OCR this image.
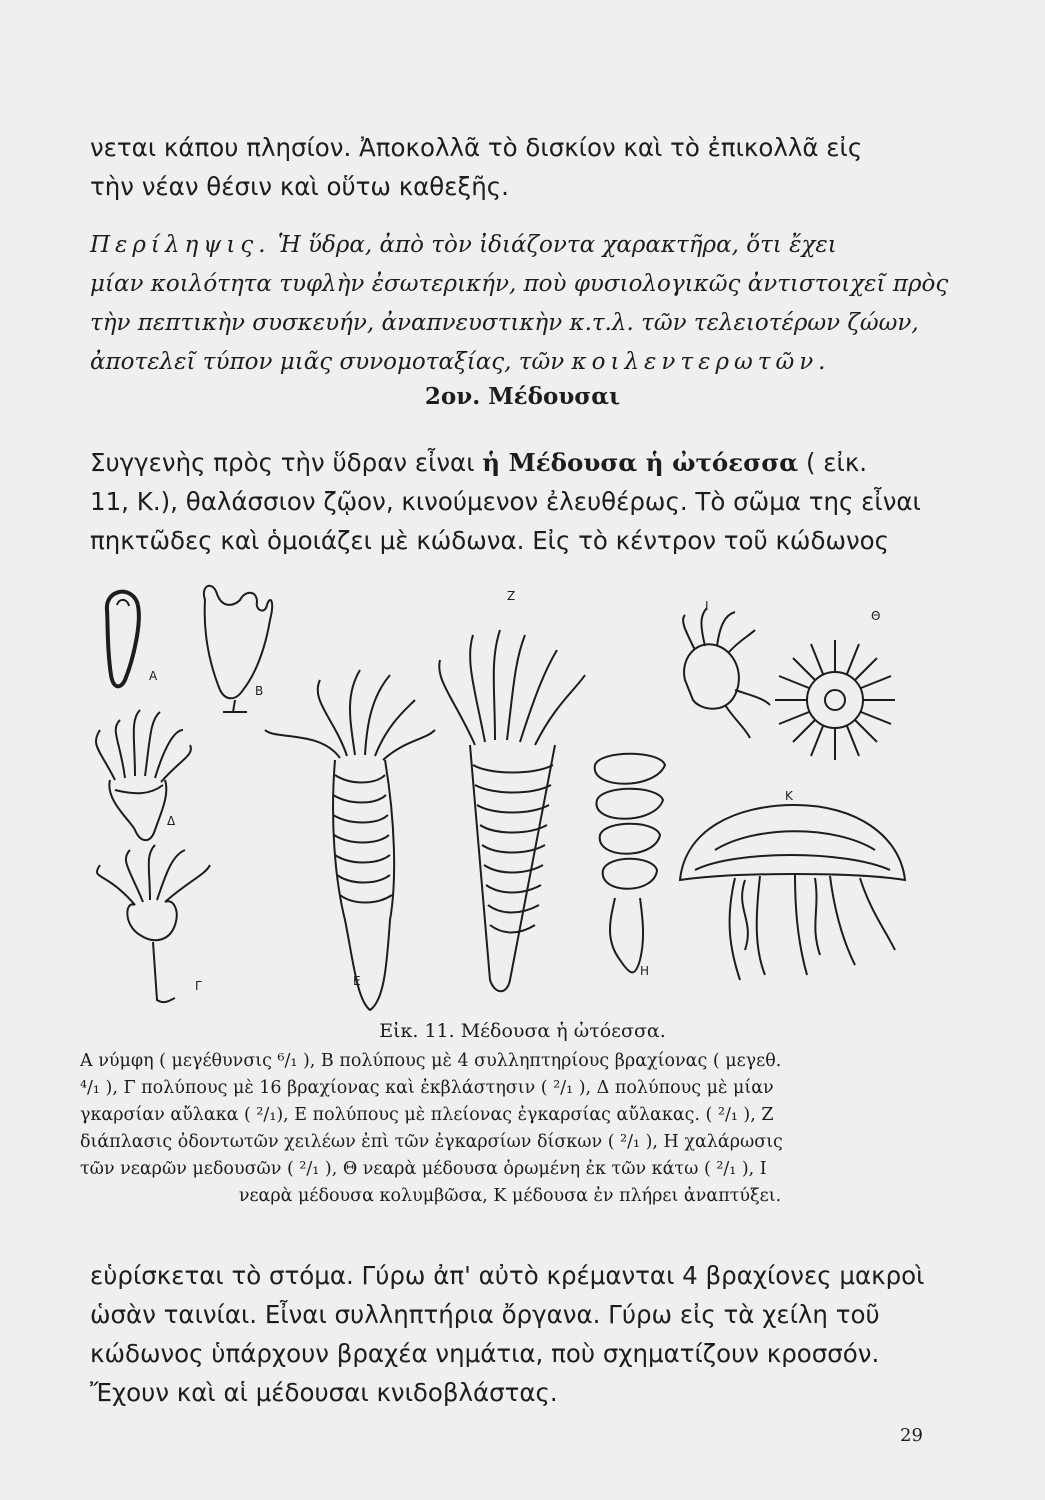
νεται κάπου πλησίον. Ἀποκολλᾶ τὸ δισκίον καὶ τὸ ἐπικολλᾶ εἰς
τὴν νέαν θέσιν καὶ οὕτω καθεξῆς.

Περίληψις. Ἡ ὕδρα, ἀπὸ τὸν ἰδιάζοντα χαρακτῆρα, ὅτι ἔχει
μίαν κοιλότητα τυφλὴν ἐσωτερικήν, ποὺ φυσιολογικῶς ἀντιστοιχεῖ πρὸς
τὴν πεπτικὴν συσκευήν, ἀναπνευστικὴν κ.τ.λ. τῶν τελειοτέρων ζώων,
ἀποτελεῖ τύπον μιᾶς συνομοταξίας, τῶν κοιλεντερωτῶν.

2ον. Μέδουσαι

Συγγενὴς πρὸς τὴν ὕδραν εἶναι ἡ Μέδουσα ἡ ὠτόεσσα ( εἰκ.
11, Κ.), θαλάσσιον ζῷον, κινούμενον ἐλευθέρως. Τὸ σῶμα της εἶναι
πηκτῶδες καὶ ὁμοιάζει μὲ κώδωνα. Εἰς τὸ κέντρον τοῦ κώδωνος

Α
Β
Δ
Γ	Ε
Ζ
Η
Ι
Θ
Κ

Εἰκ. 11. Μέδουσα ἡ ὠτόεσσα.

Α νύμφη ( μεγέθυνσις ⁶/₁ ), Β πολύπους μὲ 4 συλληπτηρίους βραχίονας ( μεγεθ.
⁴/₁ ), Γ πολύπους μὲ 16 βραχίονας καὶ ἐκβλάστησιν ( ²/₁ ), Δ πολύπους μὲ μίαν
γκαρσίαν αὔλακα ( ²/₁), Ε πολύπους μὲ πλείονας ἐγκαρσίας αὔλακας. ( ²/₁ ), Ζ
διάπλασις ὀδοντωτῶν χειλέων ἐπὶ τῶν ἐγκαρσίων δίσκων ( ²/₁ ), Η χαλάρωσις
τῶν νεαρῶν μεδουσῶν ( ²/₁ ), Θ νεαρὰ μέδουσα ὁρωμένη ἐκ τῶν κάτω ( ²/₁ ), Ι
νεαρὰ μέδουσα κολυμβῶσα, Κ μέδουσα ἐν πλήρει ἀναπτύξει.

εὑρίσκεται τὸ στόμα. Γύρω ἀπ' αὐτὸ κρέμανται 4 βραχίονες μακροὶ
ὡσὰν ταινίαι. Εἶναι συλληπτήρια ὄργανα. Γύρω εἰς τὰ χείλη τοῦ
κώδωνος ὑπάρχουν βραχέα νημάτια, ποὺ σχηματίζουν κροσσόν.
Ἔχουν καὶ αἱ μέδουσαι κνιδοβλάστας.

29
